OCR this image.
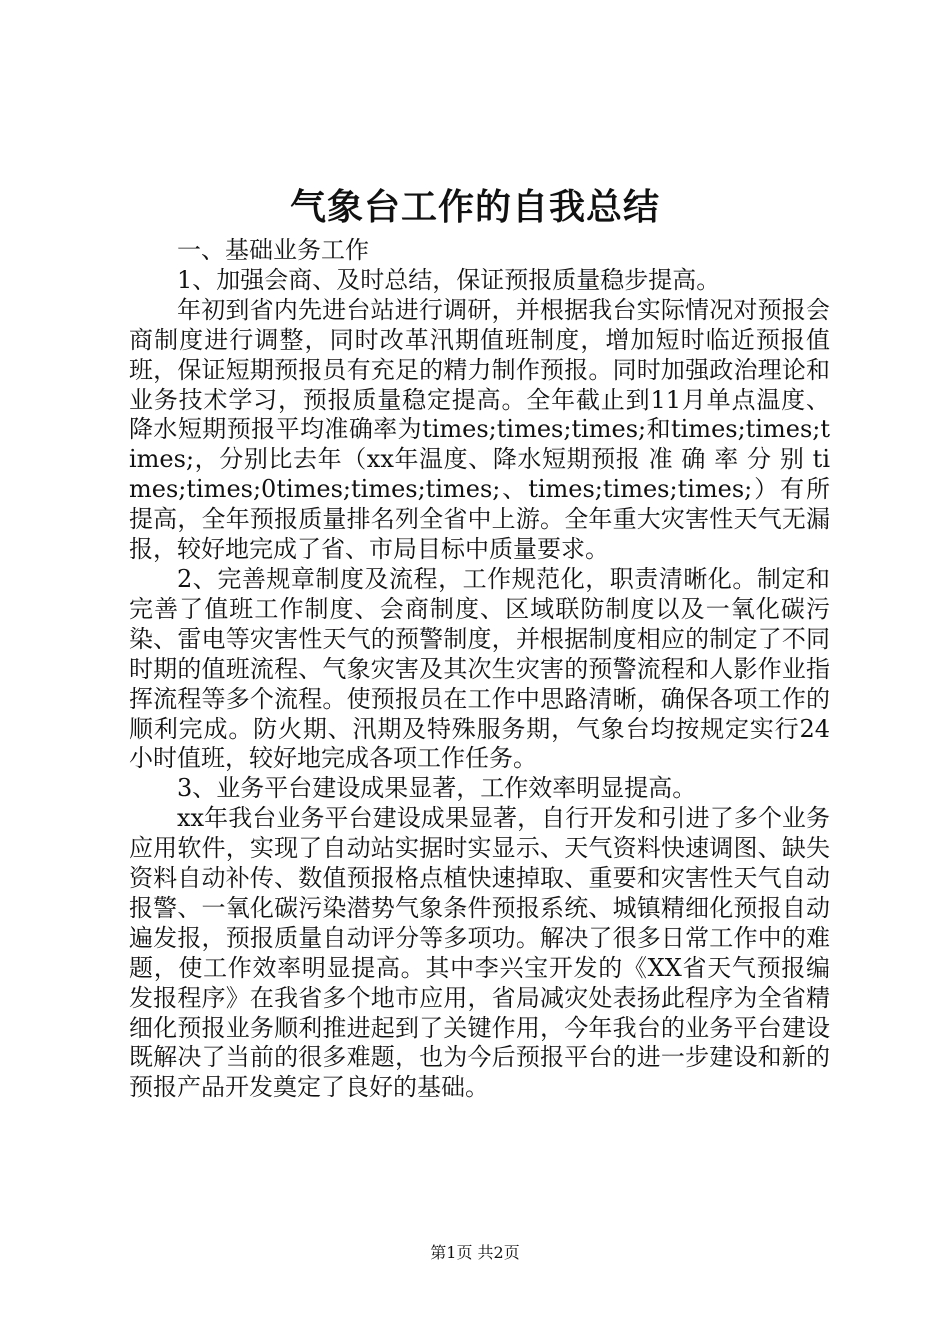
气象台工作的自我总结

一、基础业务工作

1、加强会商、及时总结，保证预报质量稳步提高。

年初到省内先进台站进行调研，并根据我台实际情况对预报会商制度进行调整，同时改革汛期值班制度，增加短时临近预报值班，保证短期预报员有充足的精力制作预报。同时加强政治理论和业务技术学习，预报质量稳定提高。全年截止到11月单点温度、降水短期预报平均准确率为times;times;times;和times;times;times;，分别比去年（xx年温度、降水短期预报 准 确 率 分 别 times;times;0times;times;times;、times;times;times;）有所提高，全年预报质量排名列全省中上游。全年重大灾害性天气无漏报，较好地完成了省、市局目标中质量要求。

2、完善规章制度及流程，工作规范化，职责清晰化。制定和完善了值班工作制度、会商制度、区域联防制度以及一氧化碳污染、雷电等灾害性天气的预警制度，并根据制度相应的制定了不同时期的值班流程、气象灾害及其次生灾害的预警流程和人影作业指挥流程等多个流程。使预报员在工作中思路清晰，确保各项工作的顺利完成。防火期、汛期及特殊服务期，气象台均按规定实行24小时值班，较好地完成各项工作任务。

3、业务平台建设成果显著，工作效率明显提高。

xx年我台业务平台建设成果显著，自行开发和引进了多个业务应用软件，实现了自动站实据时实显示、天气资料快速调图、缺失资料自动补传、数值预报格点植快速掉取、重要和灾害性天气自动报警、一氧化碳污染潜势气象条件预报系统、城镇精细化预报自动遍发报，预报质量自动评分等多项功。解决了很多日常工作中的难题，使工作效率明显提高。其中李兴宝开发的《XX省天气预报编发报程序》在我省多个地市应用，省局减灾处表扬此程序为全省精细化预报业务顺利推进起到了关键作用，今年我台的业务平台建设既解决了当前的很多难题，也为今后预报平台的进一步建设和新的预报产品开发奠定了良好的基础。

第1页 共2页
